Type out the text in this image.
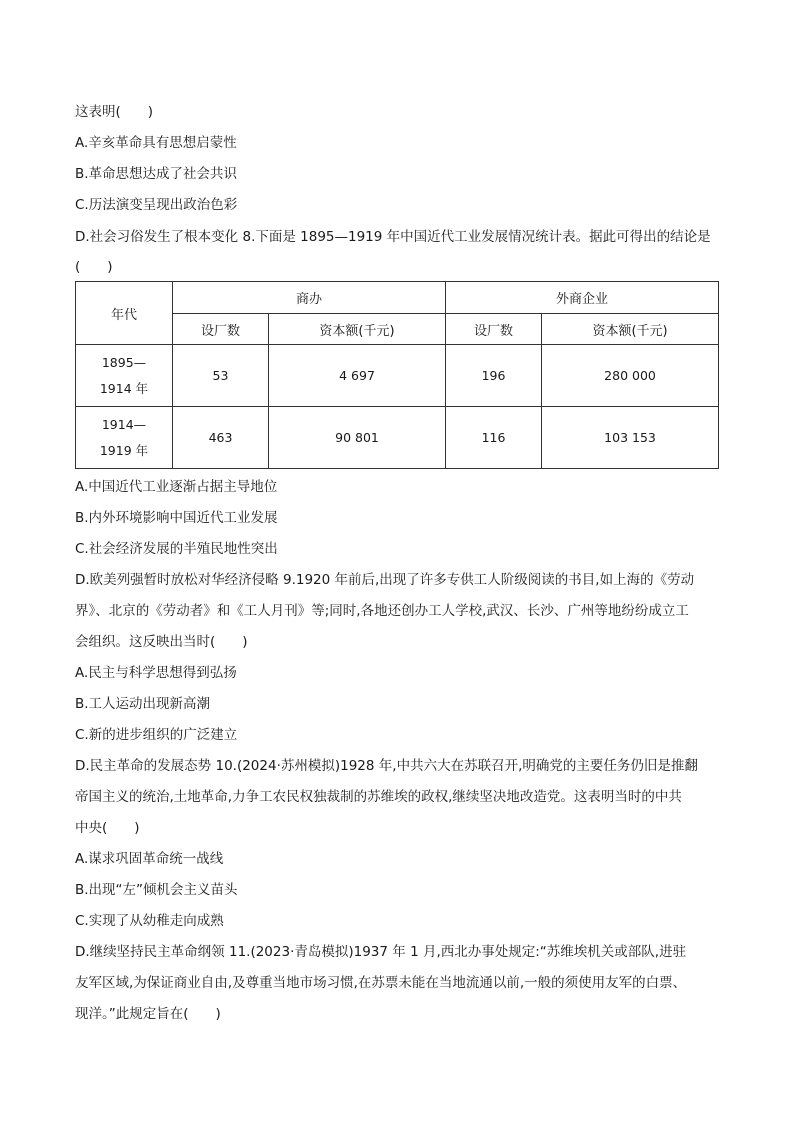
这表明(　　)
A.辛亥革命具有思想启蒙性
B.革命思想达成了社会共识
C.历法演变呈现出政治色彩
D.社会习俗发生了根本变化 8.下面是 1895—1919 年中国近代工业发展情况统计表。据此可得出的结论是
(　　)
年代	商办		外商企业	
	设厂数	资本额(千元)	设厂数	资本额(千元)

1895—
1914 年	53	4 697	196	280 000

1914—
1919 年	463	90 801	116	103 153
A.中国近代工业逐渐占据主导地位
B.内外环境影响中国近代工业发展
C.社会经济发展的半殖民地性突出
D.欧美列强暂时放松对华经济侵略 9.1920 年前后,出现了许多专供工人阶级阅读的书目,如上海的《劳动
界》、北京的《劳动者》和《工人月刊》等;同时,各地还创办工人学校,武汉、长沙、广州等地纷纷成立工
会组织。这反映出当时(　　)
A.民主与科学思想得到弘扬
B.工人运动出现新高潮
C.新的进步组织的广泛建立
D.民主革命的发展态势 10.(2024·苏州模拟)1928 年,中共六大在苏联召开,明确党的主要任务仍旧是推翻
帝国主义的统治,土地革命,力争工农民权独裁制的苏维埃的政权,继续坚决地改造党。这表明当时的中共
中央(　　)
A.谋求巩固革命统一战线
B.出现“左”倾机会主义苗头
C.实现了从幼稚走向成熟
D.继续坚持民主革命纲领 11.(2023·青岛模拟)1937 年 1 月,西北办事处规定:“苏维埃机关或部队,进驻
友军区域,为保证商业自由,及尊重当地市场习惯,在苏票未能在当地流通以前,一般的须使用友军的白票、
现洋。”此规定旨在(　　)
